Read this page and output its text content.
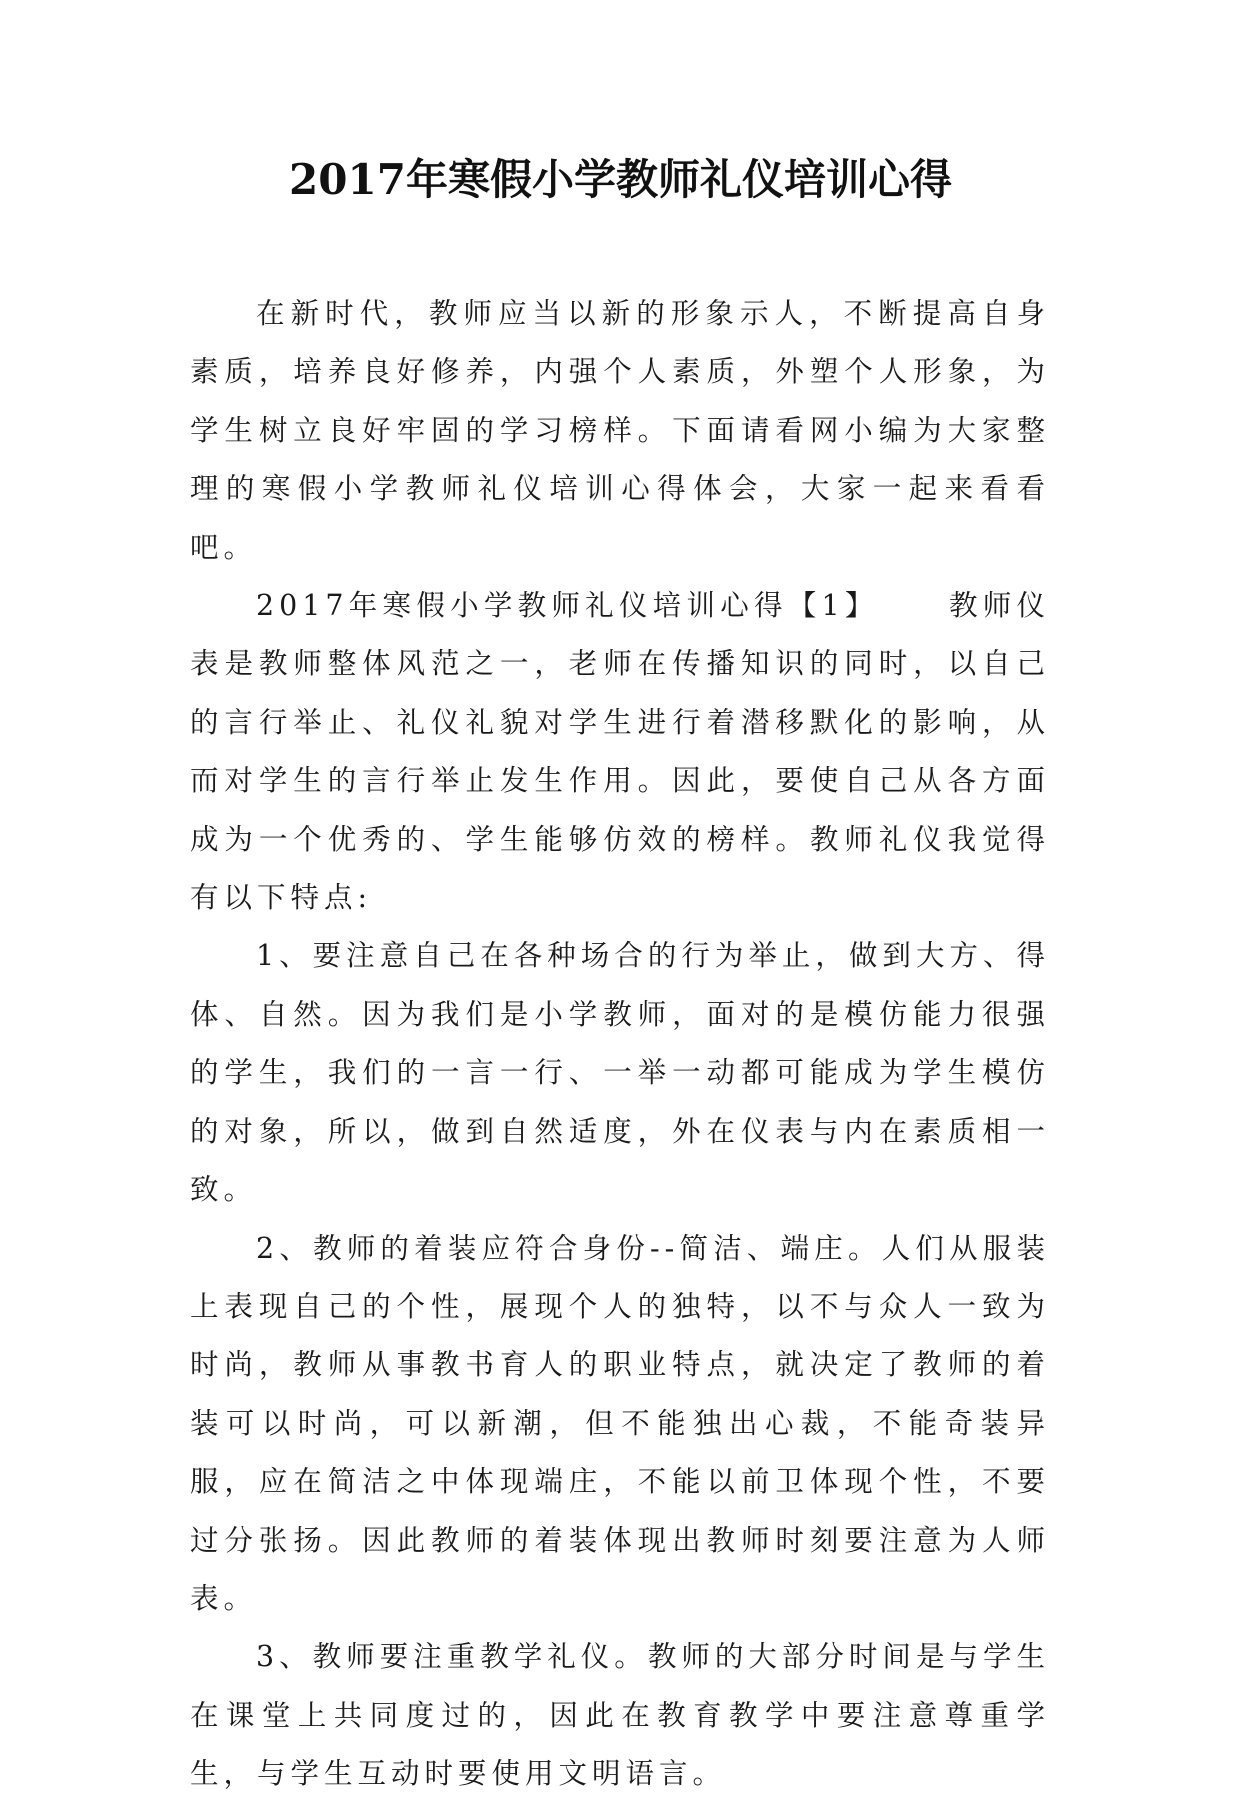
2017年寒假小学教师礼仪培训心得

在新时代，教师应当以新的形象示人，不断提高自身素质，培养良好修养，内强个人素质，外塑个人形象，为学生树立良好牢固的学习榜样。下面请看网小编为大家整理的寒假小学教师礼仪培训心得体会，大家一起来看看吧。

2017年寒假小学教师礼仪培训心得【1】 教师仪表是教师整体风范之一，老师在传播知识的同时，以自己的言行举止、礼仪礼貌对学生进行着潜移默化的影响，从而对学生的言行举止发生作用。因此，要使自己从各方面成为一个优秀的、学生能够仿效的榜样。教师礼仪我觉得有以下特点:

1、要注意自己在各种场合的行为举止，做到大方、得体、自然。因为我们是小学教师，面对的是模仿能力很强的学生，我们的一言一行、一举一动都可能成为学生模仿的对象，所以，做到自然适度，外在仪表与内在素质相一致。

2、教师的着装应符合身份--简洁、端庄。人们从服装上表现自己的个性，展现个人的独特，以不与众人一致为时尚，教师从事教书育人的职业特点，就决定了教师的着装可以时尚，可以新潮，但不能独出心裁，不能奇装异服，应在简洁之中体现端庄，不能以前卫体现个性，不要过分张扬。因此教师的着装体现出教师时刻要注意为人师表。

3、教师要注重教学礼仪。教师的大部分时间是与学生在课堂上共同度过的，因此在教育教学中要注意尊重学生，与学生互动时要使用文明语言。
